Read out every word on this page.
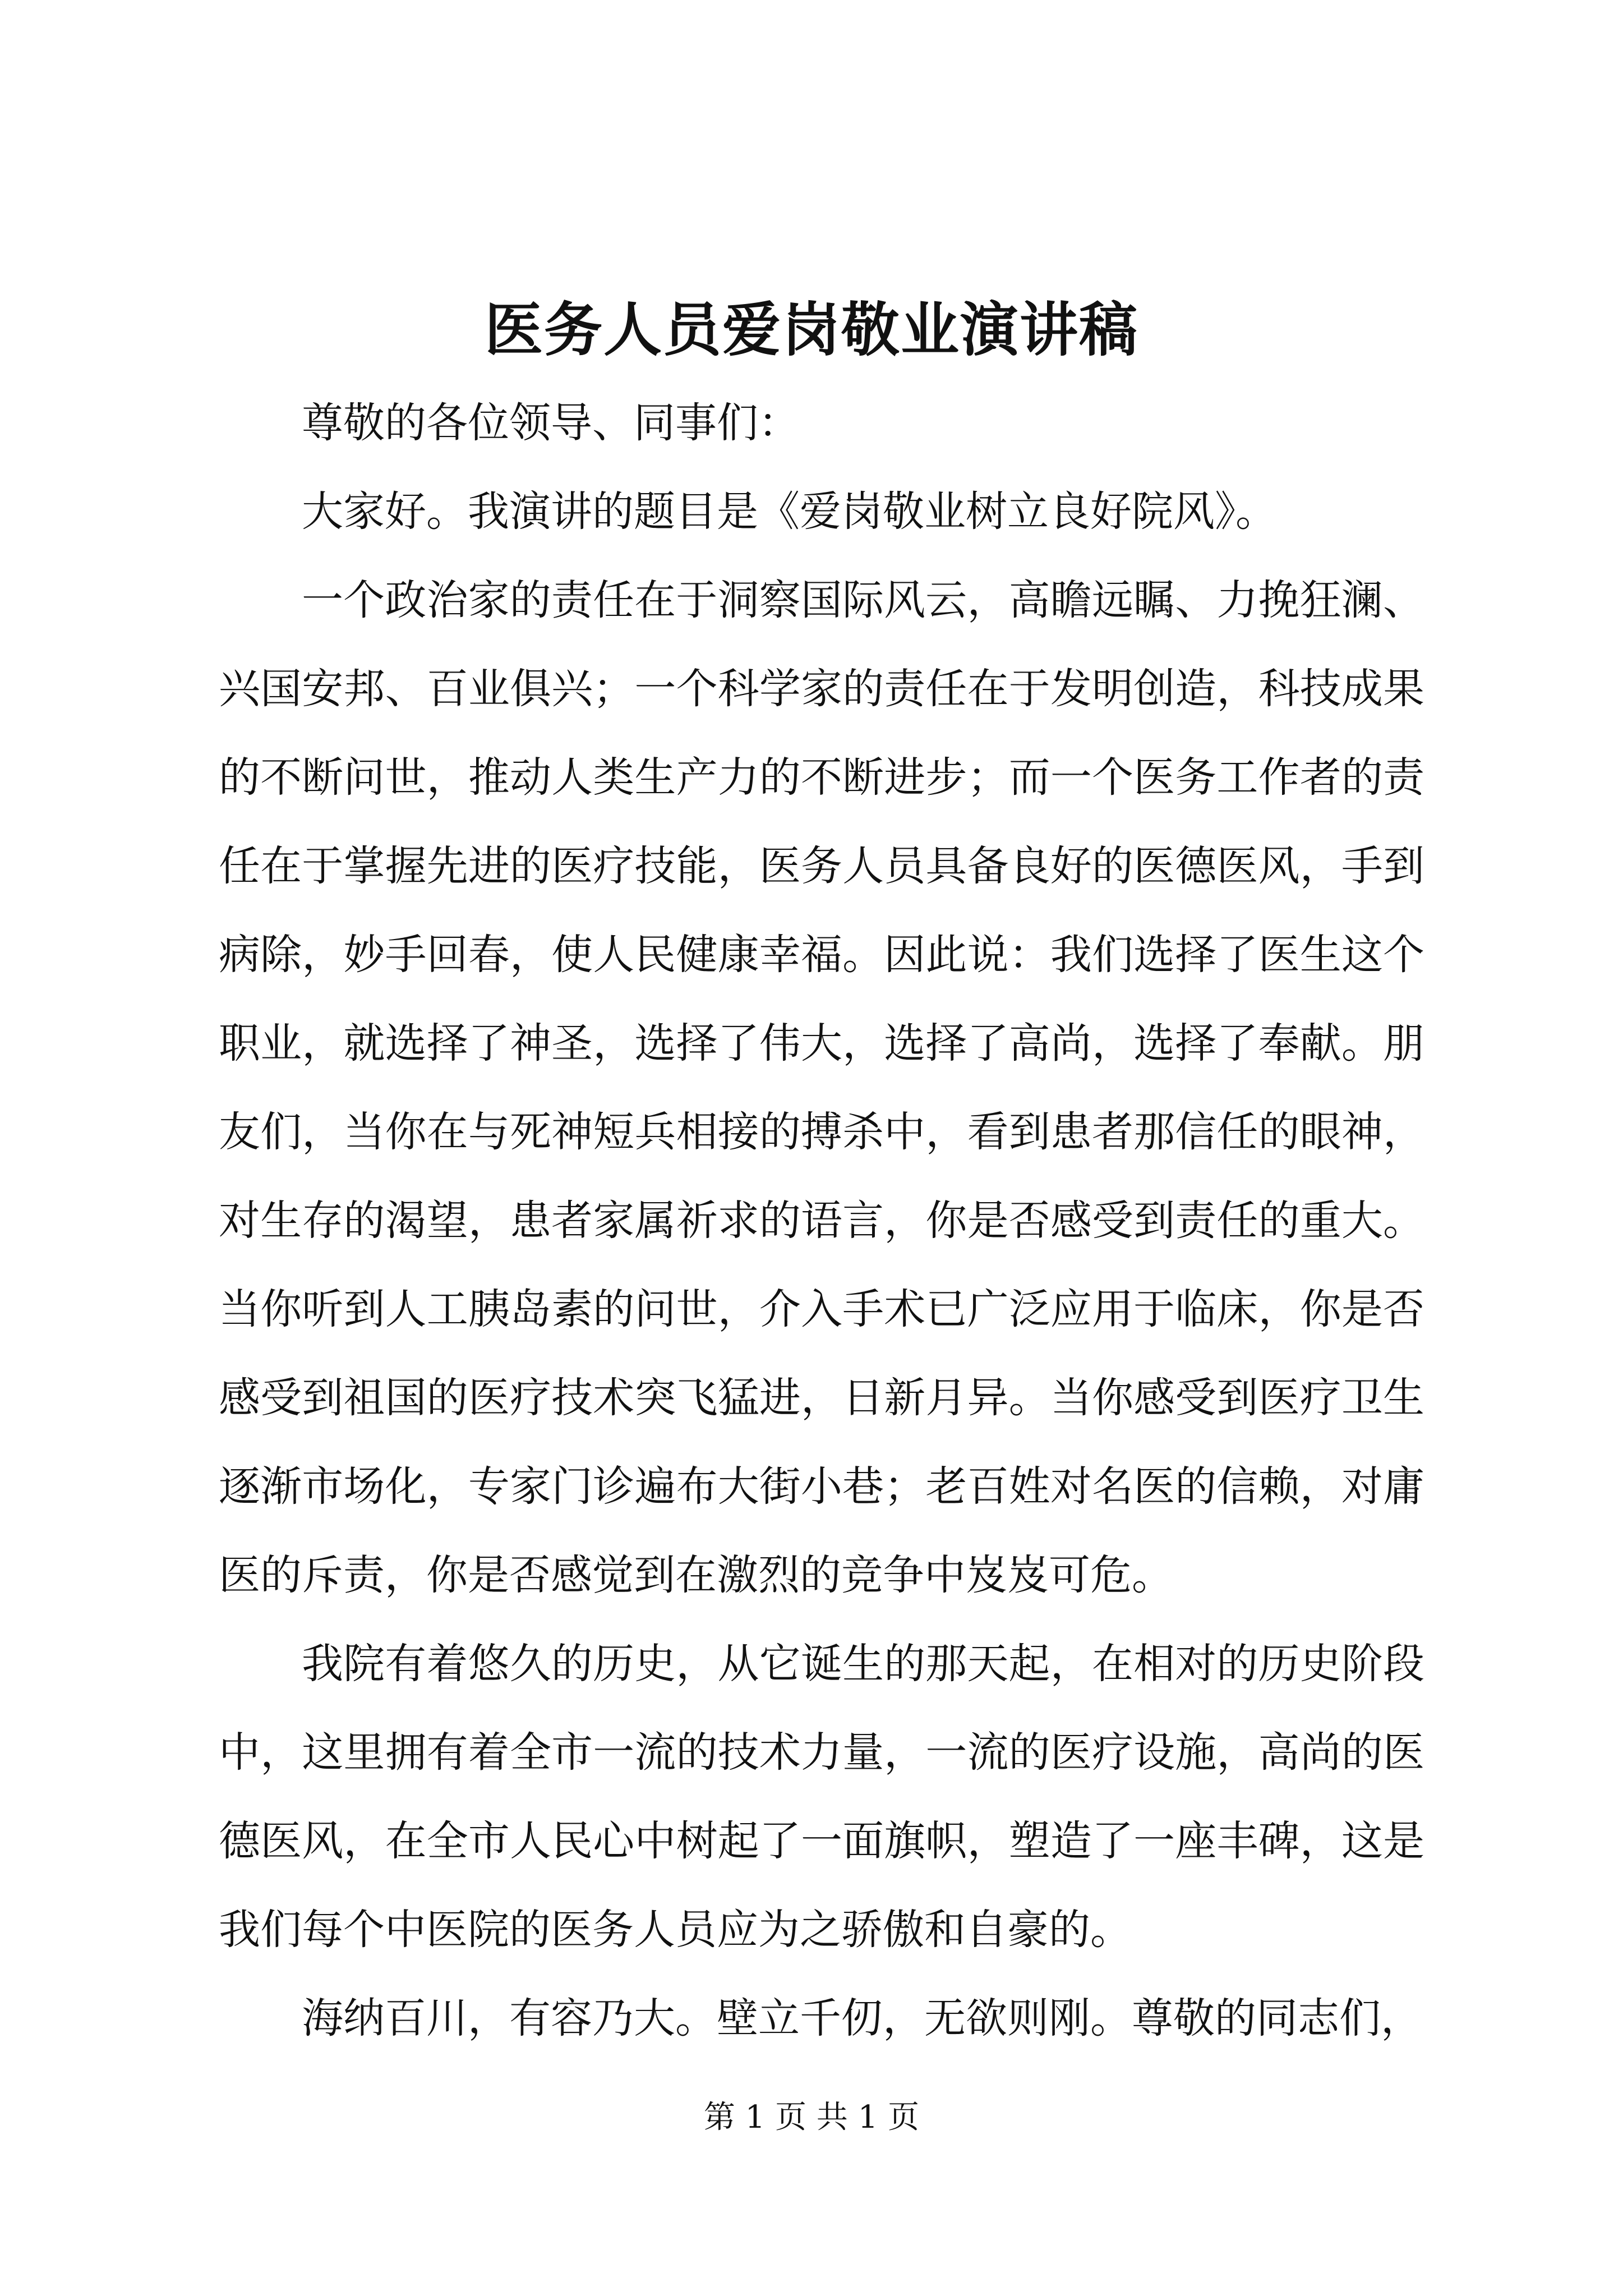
医务人员爱岗敬业演讲稿

尊敬的各位领导、同事们：

大家好。我演讲的题目是《爱岗敬业树立良好院风》。

一个政治家的责任在于洞察国际风云，高瞻远瞩、力挽狂澜、兴国安邦、百业俱兴；一个科学家的责任在于发明创造，科技成果的不断问世，推动人类生产力的不断进步；而一个医务工作者的责任在于掌握先进的医疗技能，医务人员具备良好的医德医风，手到病除，妙手回春，使人民健康幸福。因此说：我们选择了医生这个职业，就选择了神圣，选择了伟大，选择了高尚，选择了奉献。朋友们，当你在与死神短兵相接的搏杀中，看到患者那信任的眼神，对生存的渴望，患者家属祈求的语言，你是否感受到责任的重大。当你听到人工胰岛素的问世，介入手术已广泛应用于临床，你是否感受到祖国的医疗技术突飞猛进，日新月异。当你感受到医疗卫生逐渐市场化，专家门诊遍布大街小巷；老百姓对名医的信赖，对庸医的斥责，你是否感觉到在激烈的竞争中岌岌可危。

我院有着悠久的历史，从它诞生的那天起，在相对的历史阶段中，这里拥有着全市一流的技术力量，一流的医疗设施，高尚的医德医风，在全市人民心中树起了一面旗帜，塑造了一座丰碑，这是我们每个中医院的医务人员应为之骄傲和自豪的。

海纳百川，有容乃大。壁立千仞，无欲则刚。尊敬的同志们，

第 1 页 共 1 页
